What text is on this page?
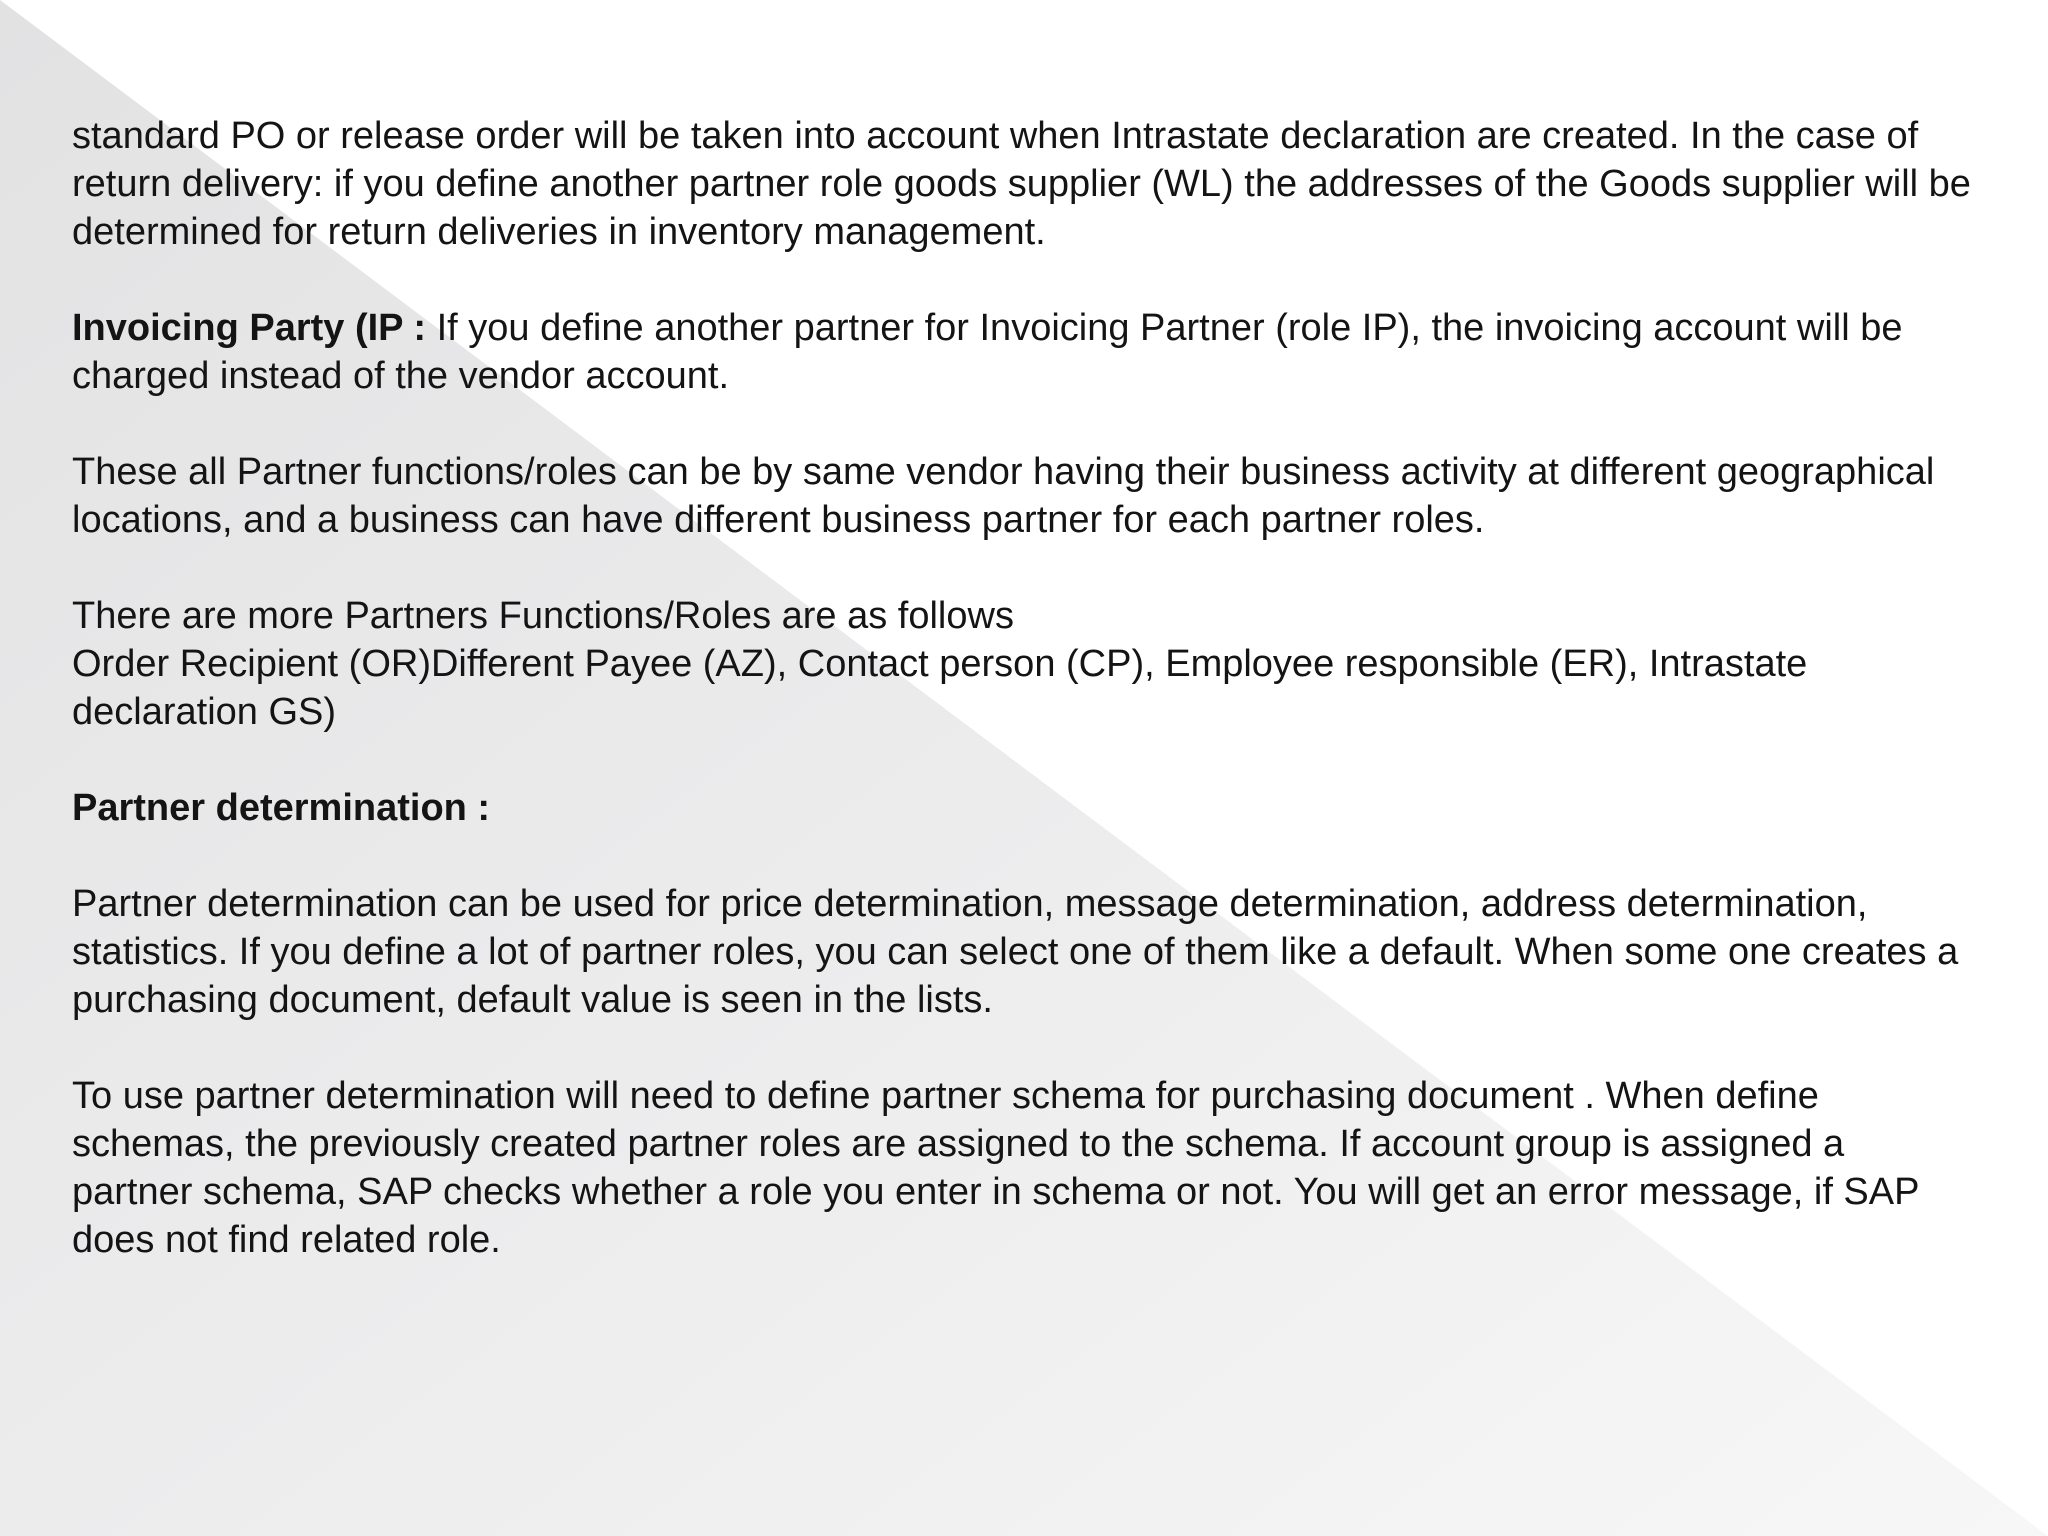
standard PO or release order will be taken into account when Intrastate declaration are created. In the case of return delivery: if you define another partner role goods supplier (WL) the addresses of the Goods supplier will be determined for return deliveries in inventory management.

Invoicing Party (IP : If you define another partner for Invoicing Partner (role IP), the invoicing account will be charged instead of the vendor account.

These all Partner functions/roles can be by same vendor having their business activity at different geographical locations, and a business can have different business partner for each partner roles.

There are more Partners Functions/Roles are as follows
Order Recipient (OR)Different Payee (AZ), Contact person (CP), Employee responsible (ER), Intrastate declaration GS)

Partner determination :

Partner determination can be used for price determination, message determination, address determination, statistics. If you define a lot of partner roles, you can select one of them like a default. When some one creates a purchasing document, default value is seen in the lists.

To use partner determination will need to define partner schema for purchasing document . When define schemas, the previously created partner roles are assigned to the schema. If account group is assigned a partner schema, SAP checks whether a role you enter in schema or not. You will get an error message, if SAP does not find related role.
